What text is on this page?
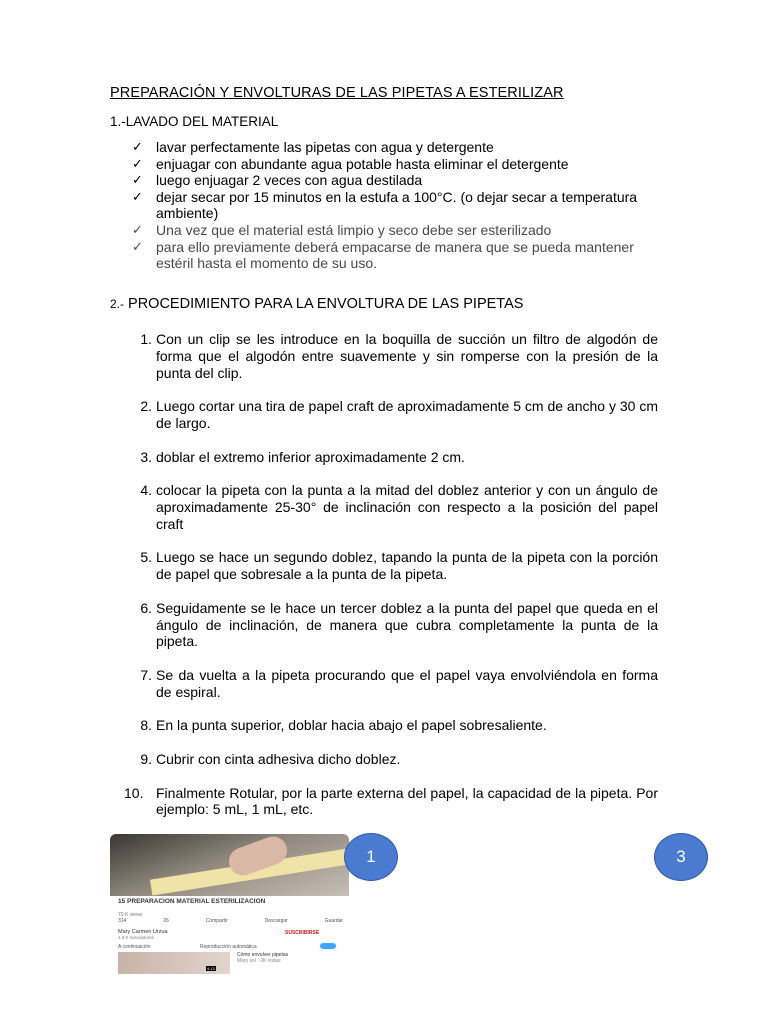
PREPARACIÓN Y ENVOLTURAS DE LAS PIPETAS A ESTERILIZAR
1.-LAVADO DEL MATERIAL
✓ lavar perfectamente las pipetas con agua y detergente
✓ enjuagar con abundante agua potable hasta eliminar el detergente
✓ luego enjuagar 2 veces con agua destilada
✓ dejar secar por 15 minutos en la estufa a 100°C. (o dejar secar a temperatura ambiente)
✓ Una vez que el material está limpio y seco debe ser esterilizado
✓ para ello previamente deberá empacarse de manera que se pueda mantener estéril hasta el momento de su uso.
2.- PROCEDIMIENTO PARA LA ENVOLTURA DE LAS PIPETAS
1. Con un clip se les introduce en la boquilla de succión un filtro de algodón de forma que el algodón entre suavemente y sin romperse con la presión de la punta del clip.
2. Luego cortar una tira de papel craft de aproximadamente 5 cm de ancho y 30 cm de largo.
3. doblar el extremo inferior aproximadamente 2 cm.
4. colocar la pipeta con la punta a la mitad del doblez anterior y con un ángulo de aproximadamente 25-30° de inclinación con respecto a la posición del papel craft
5. Luego se hace un segundo doblez, tapando la punta de la pipeta con la porción de papel que sobresale a la punta de la pipeta.
6. Seguidamente se le hace un tercer doblez a la punta del papel que queda en el ángulo de inclinación, de manera que cubra completamente la punta de la pipeta.
7. Se da vuelta a la pipeta procurando que el papel vaya envolviéndola en forma de espiral.
8. En la punta superior, doblar hacia abajo el papel sobresaliente.
9. Cubrir con cinta adhesiva dicho doblez.
10. Finalmente Rotular, por la parte externa del papel, la capacidad de la pipeta. Por ejemplo: 5 mL, 1 mL, etc.
15 PREPARACION MATERIAL ESTERILIZACION
70 K views
314	26	Compartir	Descargar	Guardar
Mary Carmen Urzua
1.3 K suscriptores
SUSCRIBIRSE
A continuación	Reproducción automática
4:13
Cómo envolver pipetas
Mary sol · 2K vistas
1	3
